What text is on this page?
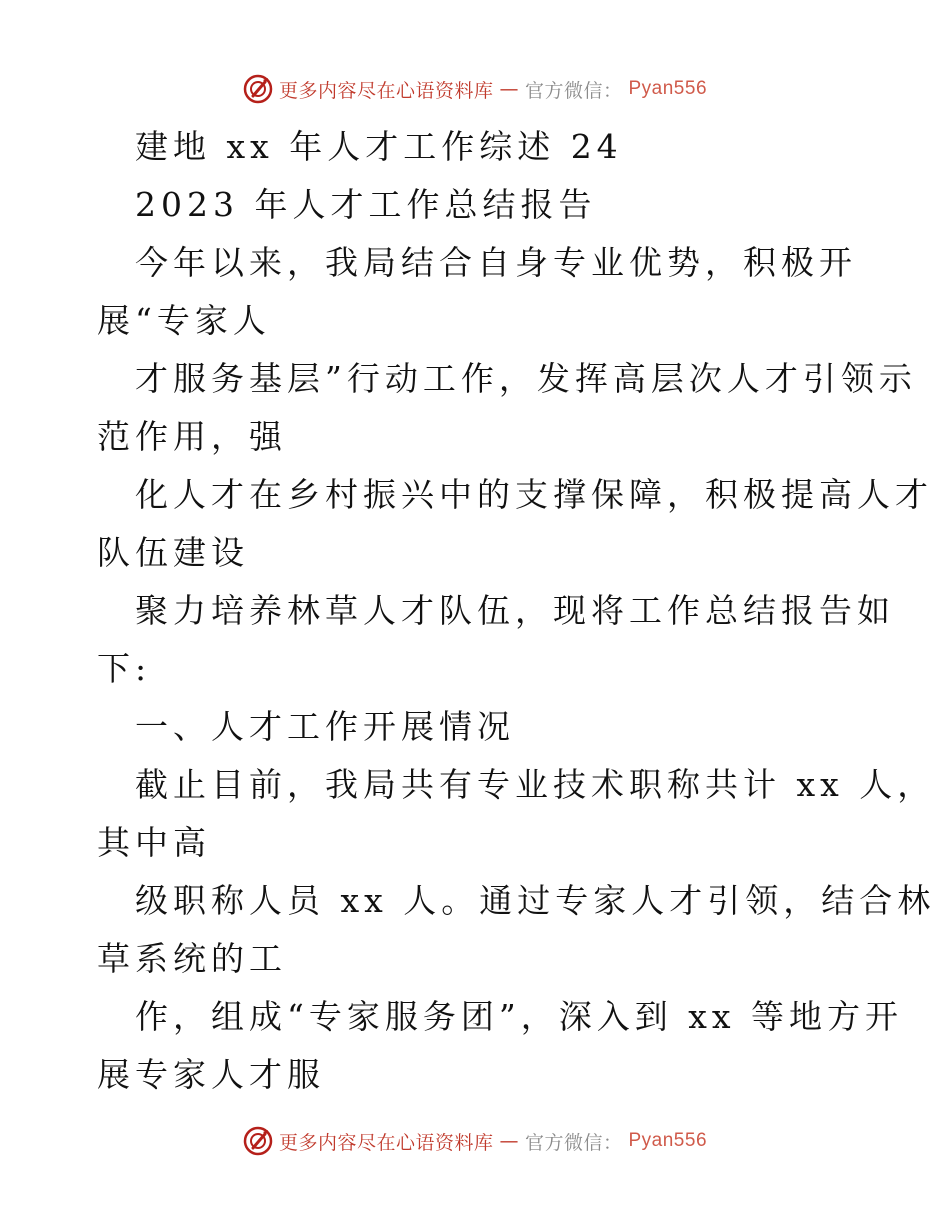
更多内容尽在心语资料库 — 官方微信： Pyan556
建地 xx 年人才工作综述 24
2023 年人才工作总结报告
今年以来，我局结合自身专业优势，积极开
展“专家人
才服务基层”行动工作，发挥高层次人才引领示
范作用，强
化人才在乡村振兴中的支撑保障，积极提高人才
队伍建设
聚力培养林草人才队伍，现将工作总结报告如
下:
一、人才工作开展情况
截止目前，我局共有专业技术职称共计 xx 人，
其中高
级职称人员 xx 人。通过专家人才引领，结合林
草系统的工
作，组成“专家服务团”，深入到 xx 等地方开
展专家人才服
更多内容尽在心语资料库 — 官方微信： Pyan556
